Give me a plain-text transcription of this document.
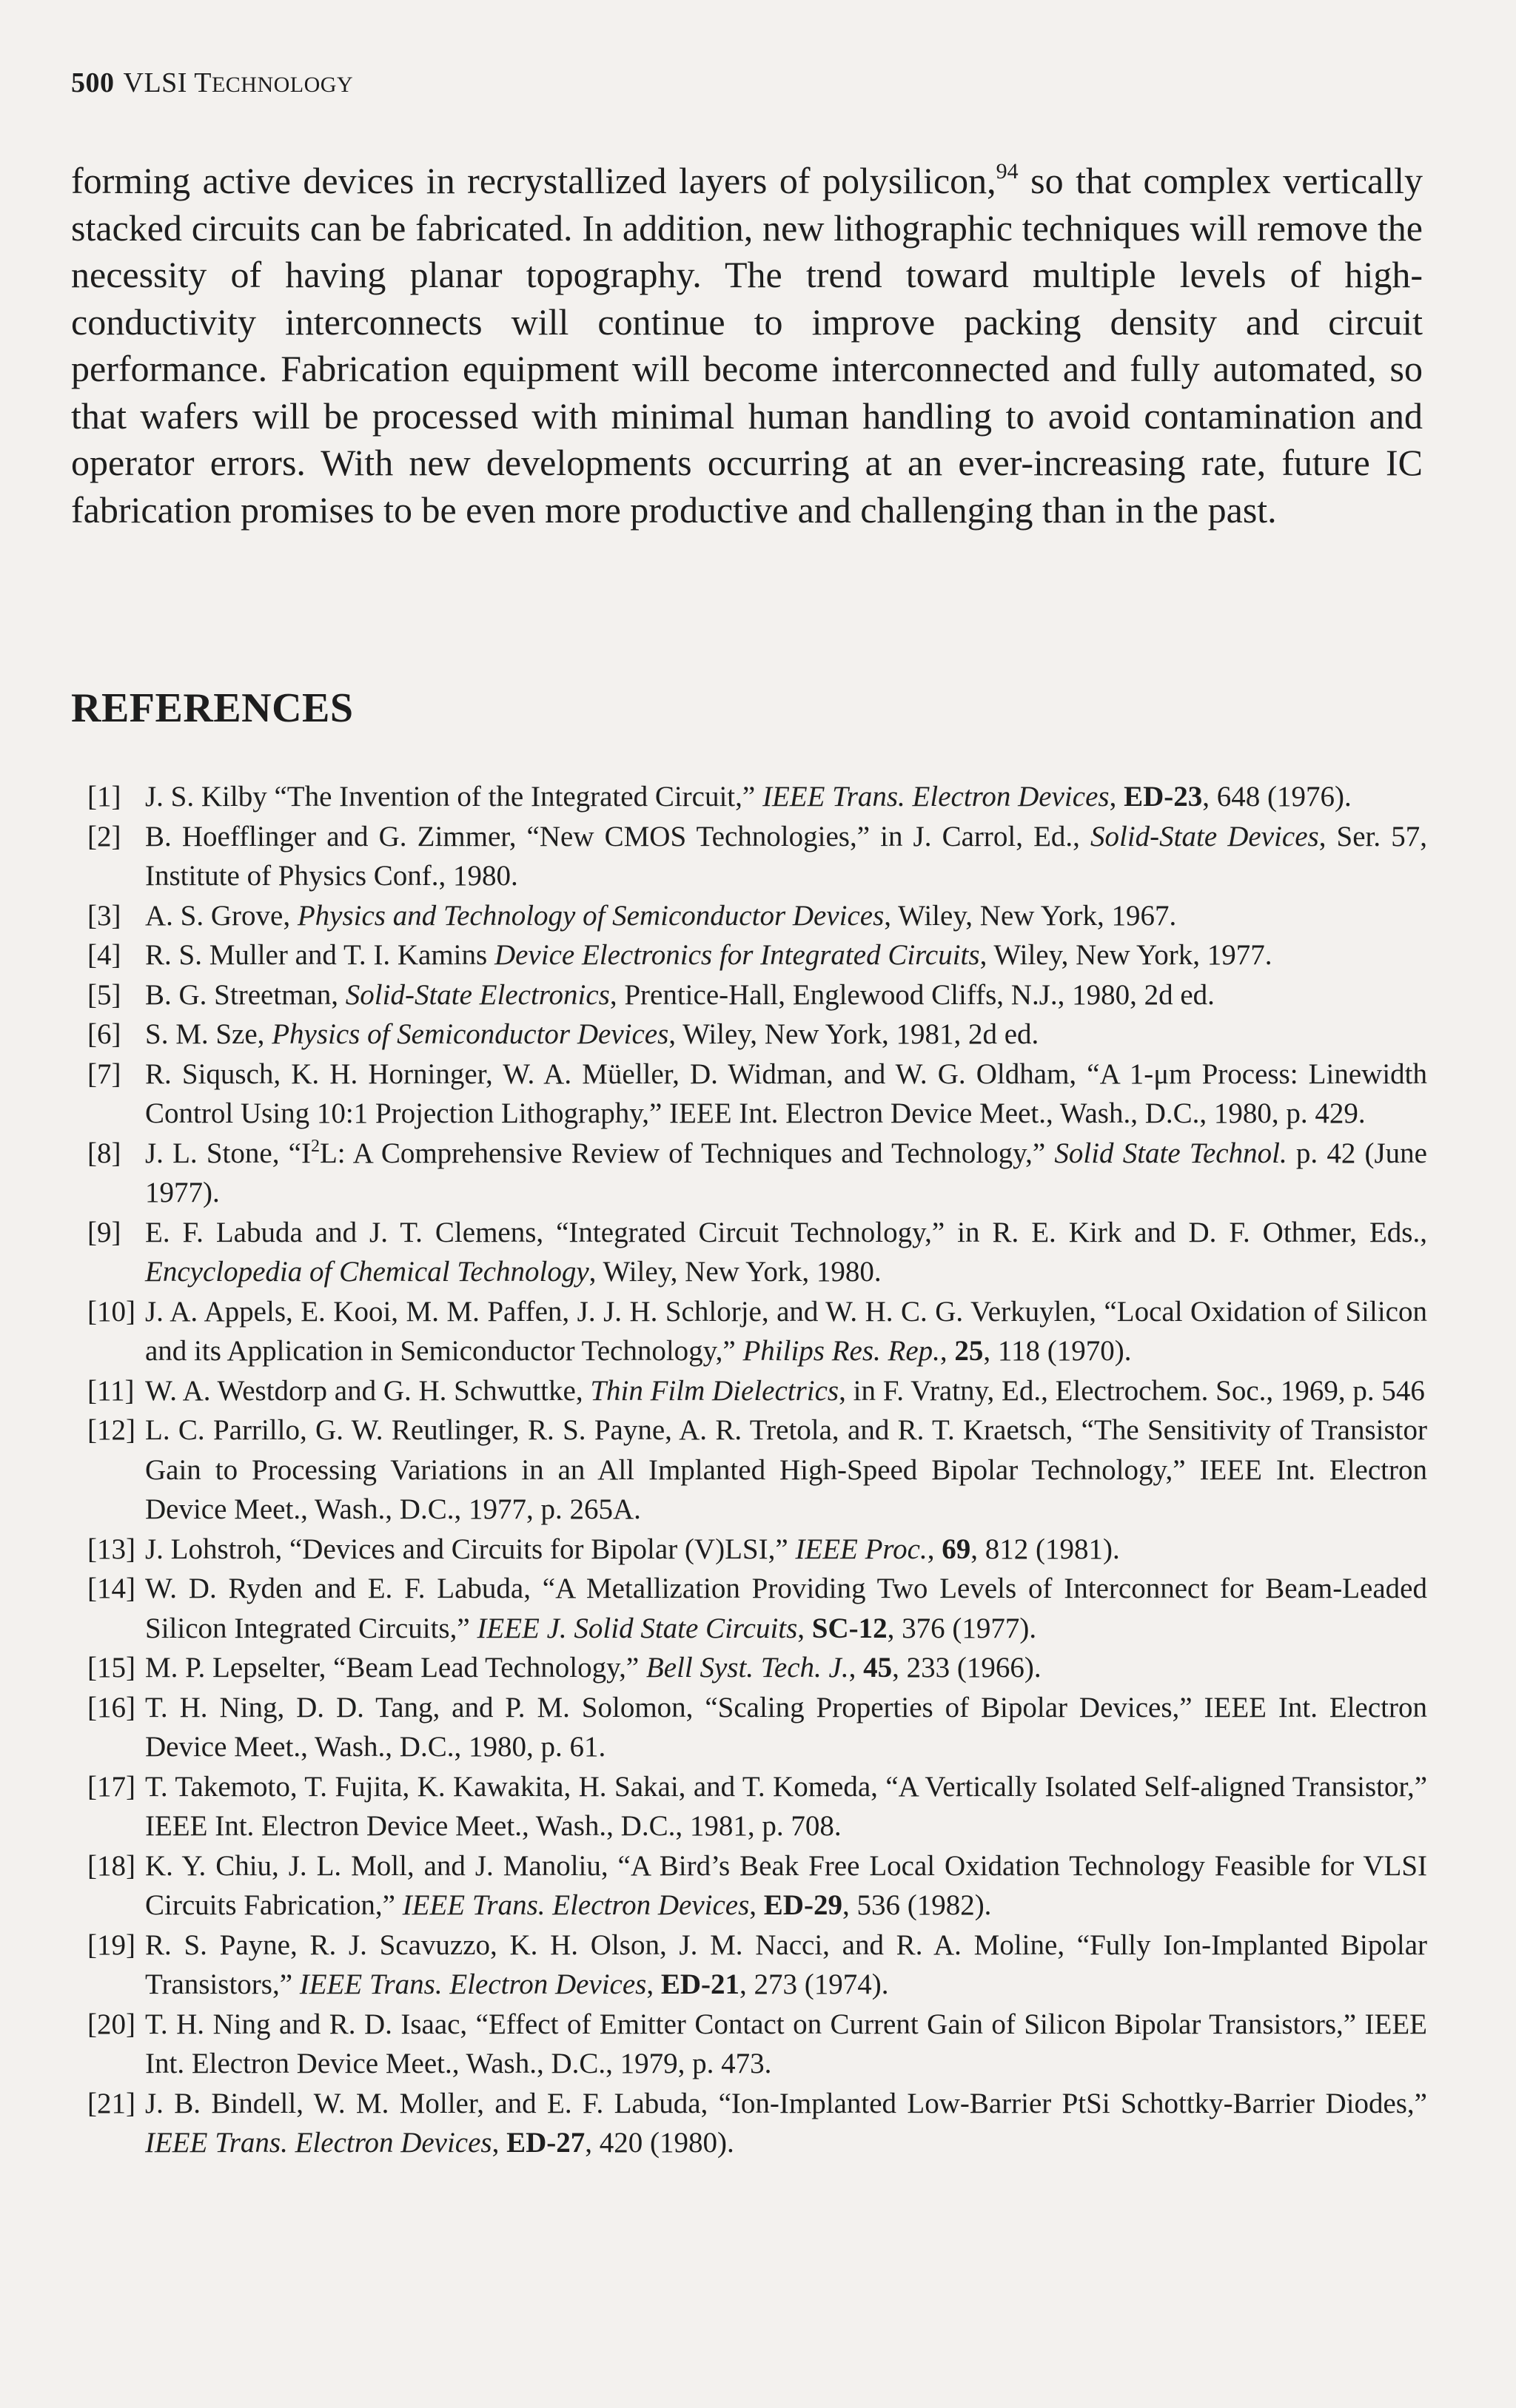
500 VLSI TECHNOLOGY

forming active devices in recrystallized layers of polysilicon,$^{94}$ so that complex vertically stacked circuits can be fabricated. In addition, new lithographic techniques will remove the necessity of having planar topography. The trend toward multiple levels of high-conductivity interconnects will continue to improve packing density and circuit performance. Fabrication equipment will become interconnected and fully automated, so that wafers will be processed with minimal human handling to avoid contamination and operator errors. With new developments occurring at an ever-increasing rate, future IC fabrication promises to be even more productive and challenging than in the past.

REFERENCES
[1] J. S. Kilby “The Invention of the Integrated Circuit,” IEEE Trans. Electron Devices, ED-23, 648 (1976).
[2] B. Hoefflinger and G. Zimmer, “New CMOS Technologies,” in J. Carrol, Ed., Solid-State Devices, Ser. 57, Institute of Physics Conf., 1980.
[3] A. S. Grove, Physics and Technology of Semiconductor Devices, Wiley, New York, 1967.
[4] R. S. Muller and T. I. Kamins Device Electronics for Integrated Circuits, Wiley, New York, 1977.
[5] B. G. Streetman, Solid-State Electronics, Prentice-Hall, Englewood Cliffs, N.J., 1980, 2d ed.
[6] S. M. Sze, Physics of Semiconductor Devices, Wiley, New York, 1981, 2d ed.
[7] R. Siqusch, K. H. Horninger, W. A. Müeller, D. Widman, and W. G. Oldham, “A 1-μm Process: Linewidth Control Using 10:1 Projection Lithography,” IEEE Int. Electron Device Meet., Wash., D.C., 1980, p. 429.
[8] J. L. Stone, “$I^2L$: A Comprehensive Review of Techniques and Technology,” Solid State Technol. p. 42 (June 1977).
[9] E. F. Labuda and J. T. Clemens, “Integrated Circuit Technology,” in R. E. Kirk and D. F. Othmer, Eds., Encyclopedia of Chemical Technology, Wiley, New York, 1980.
[10] J. A. Appels, E. Kooi, M. M. Paffen, J. J. H. Schlorje, and W. H. C. G. Verkuylen, “Local Oxidation of Silicon and its Application in Semiconductor Technology,” Philips Res. Rep., 25, 118 (1970).
[11] W. A. Westdorp and G. H. Schwuttke, Thin Film Dielectrics, in F. Vratny, Ed., Electrochem. Soc., 1969, p. 546
[12] L. C. Parrillo, G. W. Reutlinger, R. S. Payne, A. R. Tretola, and R. T. Kraetsch, “The Sensitivity of Transistor Gain to Processing Variations in an All Implanted High-Speed Bipolar Technology,” IEEE Int. Electron Device Meet., Wash., D.C., 1977, p. 265A.
[13] J. Lohstroh, “Devices and Circuits for Bipolar (V)LSI,” IEEE Proc., 69, 812 (1981).
[14] W. D. Ryden and E. F. Labuda, “A Metallization Providing Two Levels of Interconnect for Beam-Leaded Silicon Integrated Circuits,” IEEE J. Solid State Circuits, SC-12, 376 (1977).
[15] M. P. Lepselter, “Beam Lead Technology,” Bell Syst. Tech. J., 45, 233 (1966).
[16] T. H. Ning, D. D. Tang, and P. M. Solomon, “Scaling Properties of Bipolar Devices,” IEEE Int. Electron Device Meet., Wash., D.C., 1980, p. 61.
[17] T. Takemoto, T. Fujita, K. Kawakita, H. Sakai, and T. Komeda, “A Vertically Isolated Self-aligned Transistor,” IEEE Int. Electron Device Meet., Wash., D.C., 1981, p. 708.
[18] K. Y. Chiu, J. L. Moll, and J. Manoliu, “A Bird’s Beak Free Local Oxidation Technology Feasible for VLSI Circuits Fabrication,” IEEE Trans. Electron Devices, ED-29, 536 (1982).
[19] R. S. Payne, R. J. Scavuzzo, K. H. Olson, J. M. Nacci, and R. A. Moline, “Fully Ion-Implanted Bipolar Transistors,” IEEE Trans. Electron Devices, ED-21, 273 (1974).
[20] T. H. Ning and R. D. Isaac, “Effect of Emitter Contact on Current Gain of Silicon Bipolar Transistors,” IEEE Int. Electron Device Meet., Wash., D.C., 1979, p. 473.
[21] J. B. Bindell, W. M. Moller, and E. F. Labuda, “Ion-Implanted Low-Barrier PtSi Schottky-Barrier Diodes,” IEEE Trans. Electron Devices, ED-27, 420 (1980).
